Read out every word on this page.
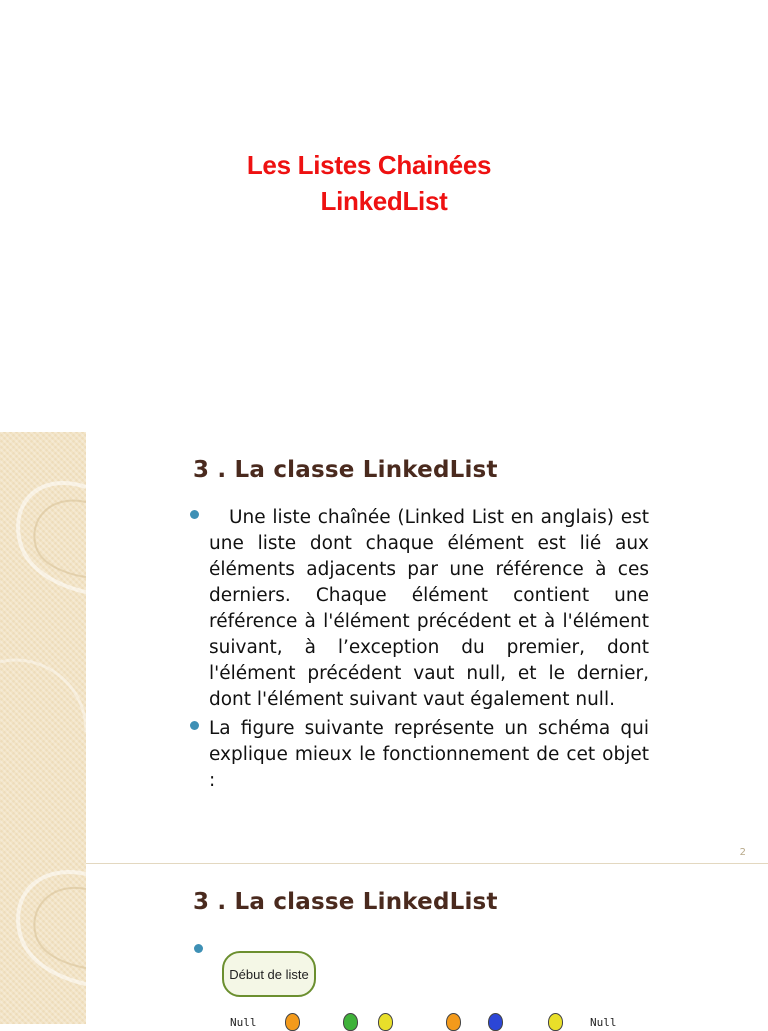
Les Listes Chainées
LinkedList
3 . La classe LinkedList
Une liste chaînée (Linked List en anglais) est une liste dont chaque élément est lié aux éléments adjacents par une référence à ces derniers. Chaque élément contient une référence à l'élément précédent et à l'élément suivant, à l’exception du premier, dont l'élément précédent vaut null, et le dernier, dont l'élément suivant vaut également null.
La figure suivante représente un schéma qui explique mieux le fonctionnement de cet objet :
2
3 . La classe LinkedList
Début de liste
Null	Null
